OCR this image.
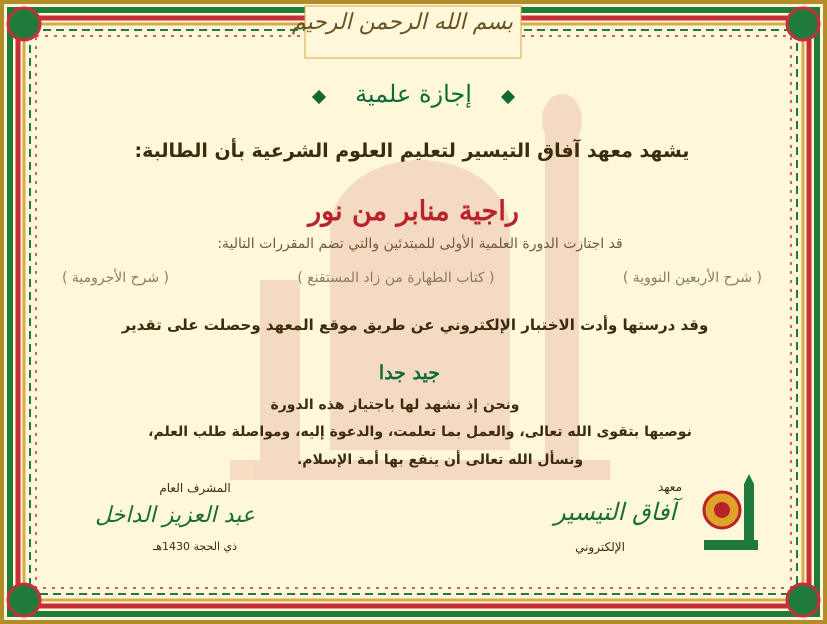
بسم الله الرحمن الرحيم
إجازة علمية
يشهد معهد آفاق التيسير لتعليم العلوم الشرعية بأن الطالبة:
راجية منابر من نور
قد اجتازت الدورة العلمية الأولى للمبتدئين والتي تضم المقررات التالية:
( شرح الأربعين النووية )
( كتاب الطهارة من زاد المستقنع )
( شرح الأجرومية )
وقد درستها وأدت الاختبار الإلكتروني عن طريق موقع المعهد وحصلت على تقدير
جيد جدا
ونحن إذ نشهد لها باجتياز هذه الدورة
نوصيها بتقوى الله تعالى، والعمل بما تعلمت، والدعوة إليه، ومواصلة طلب العلم،
ونسأل الله تعالى أن ينفع بها أمة الإسلام.
المشرف العام
عبد العزيز الداخل
ذي الحجة 1430هـ
معهد
آفاق التيسير
الإلكتروني
